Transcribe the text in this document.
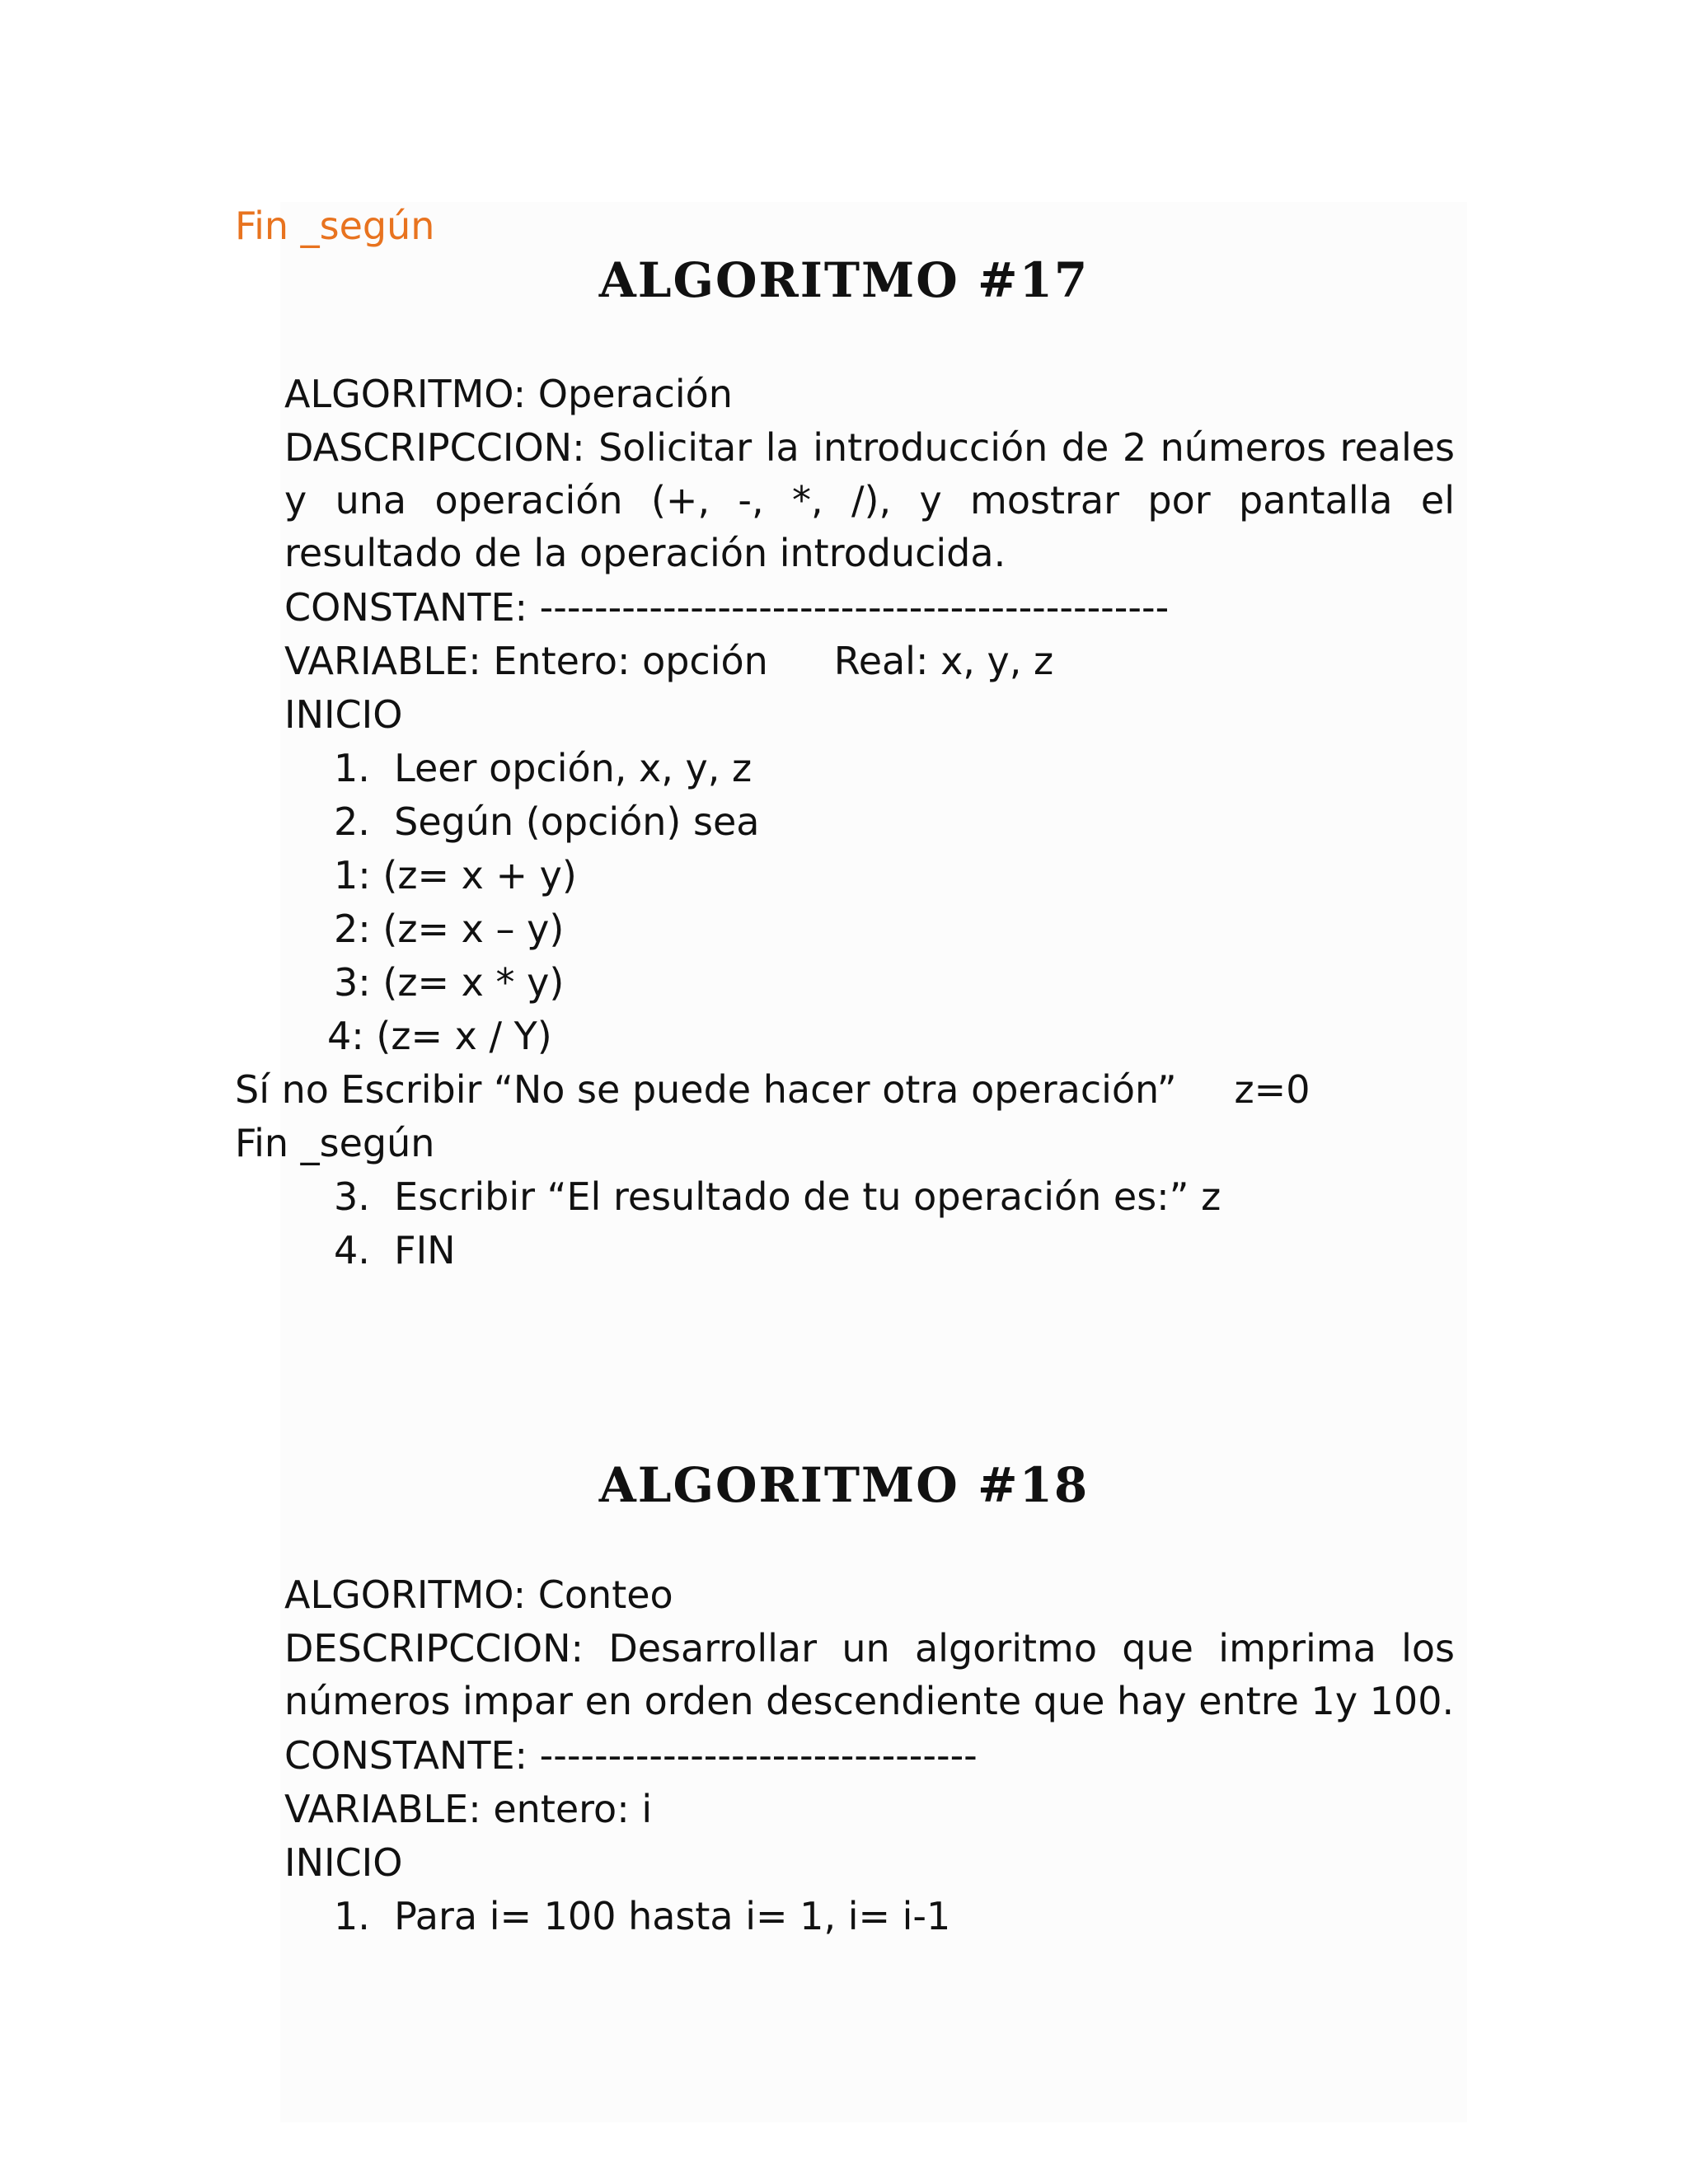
Fin _según

ALGORITMO #17

ALGORITMO: Operación

DASCRIPCCION: Solicitar la introducción de 2 números reales y una operación (+, -, *, /), y mostrar por pantalla el resultado de la operación introducida.

CONSTANTE: ----------------------------------------------

VARIABLE: Entero: opción Real: x, y, z

INICIO

1.  Leer opción, x, y, z

2.  Según (opción) sea

1: (z= x + y)

2: (z= x – y)

3: (z= x * y)

4: (z= x / Y)

Sí no Escribir “No se puede hacer otra operación” z=0

Fin _según

3.  Escribir “El resultado de tu operación es:” z

4.  FIN

ALGORITMO #18

ALGORITMO: Conteo

DESCRIPCCION: Desarrollar un algoritmo que imprima los números impar en orden descendiente que hay entre 1y 100.

CONSTANTE: --------------------------------

VARIABLE: entero: i

INICIO

1.  Para i= 100 hasta i= 1, i= i-1
